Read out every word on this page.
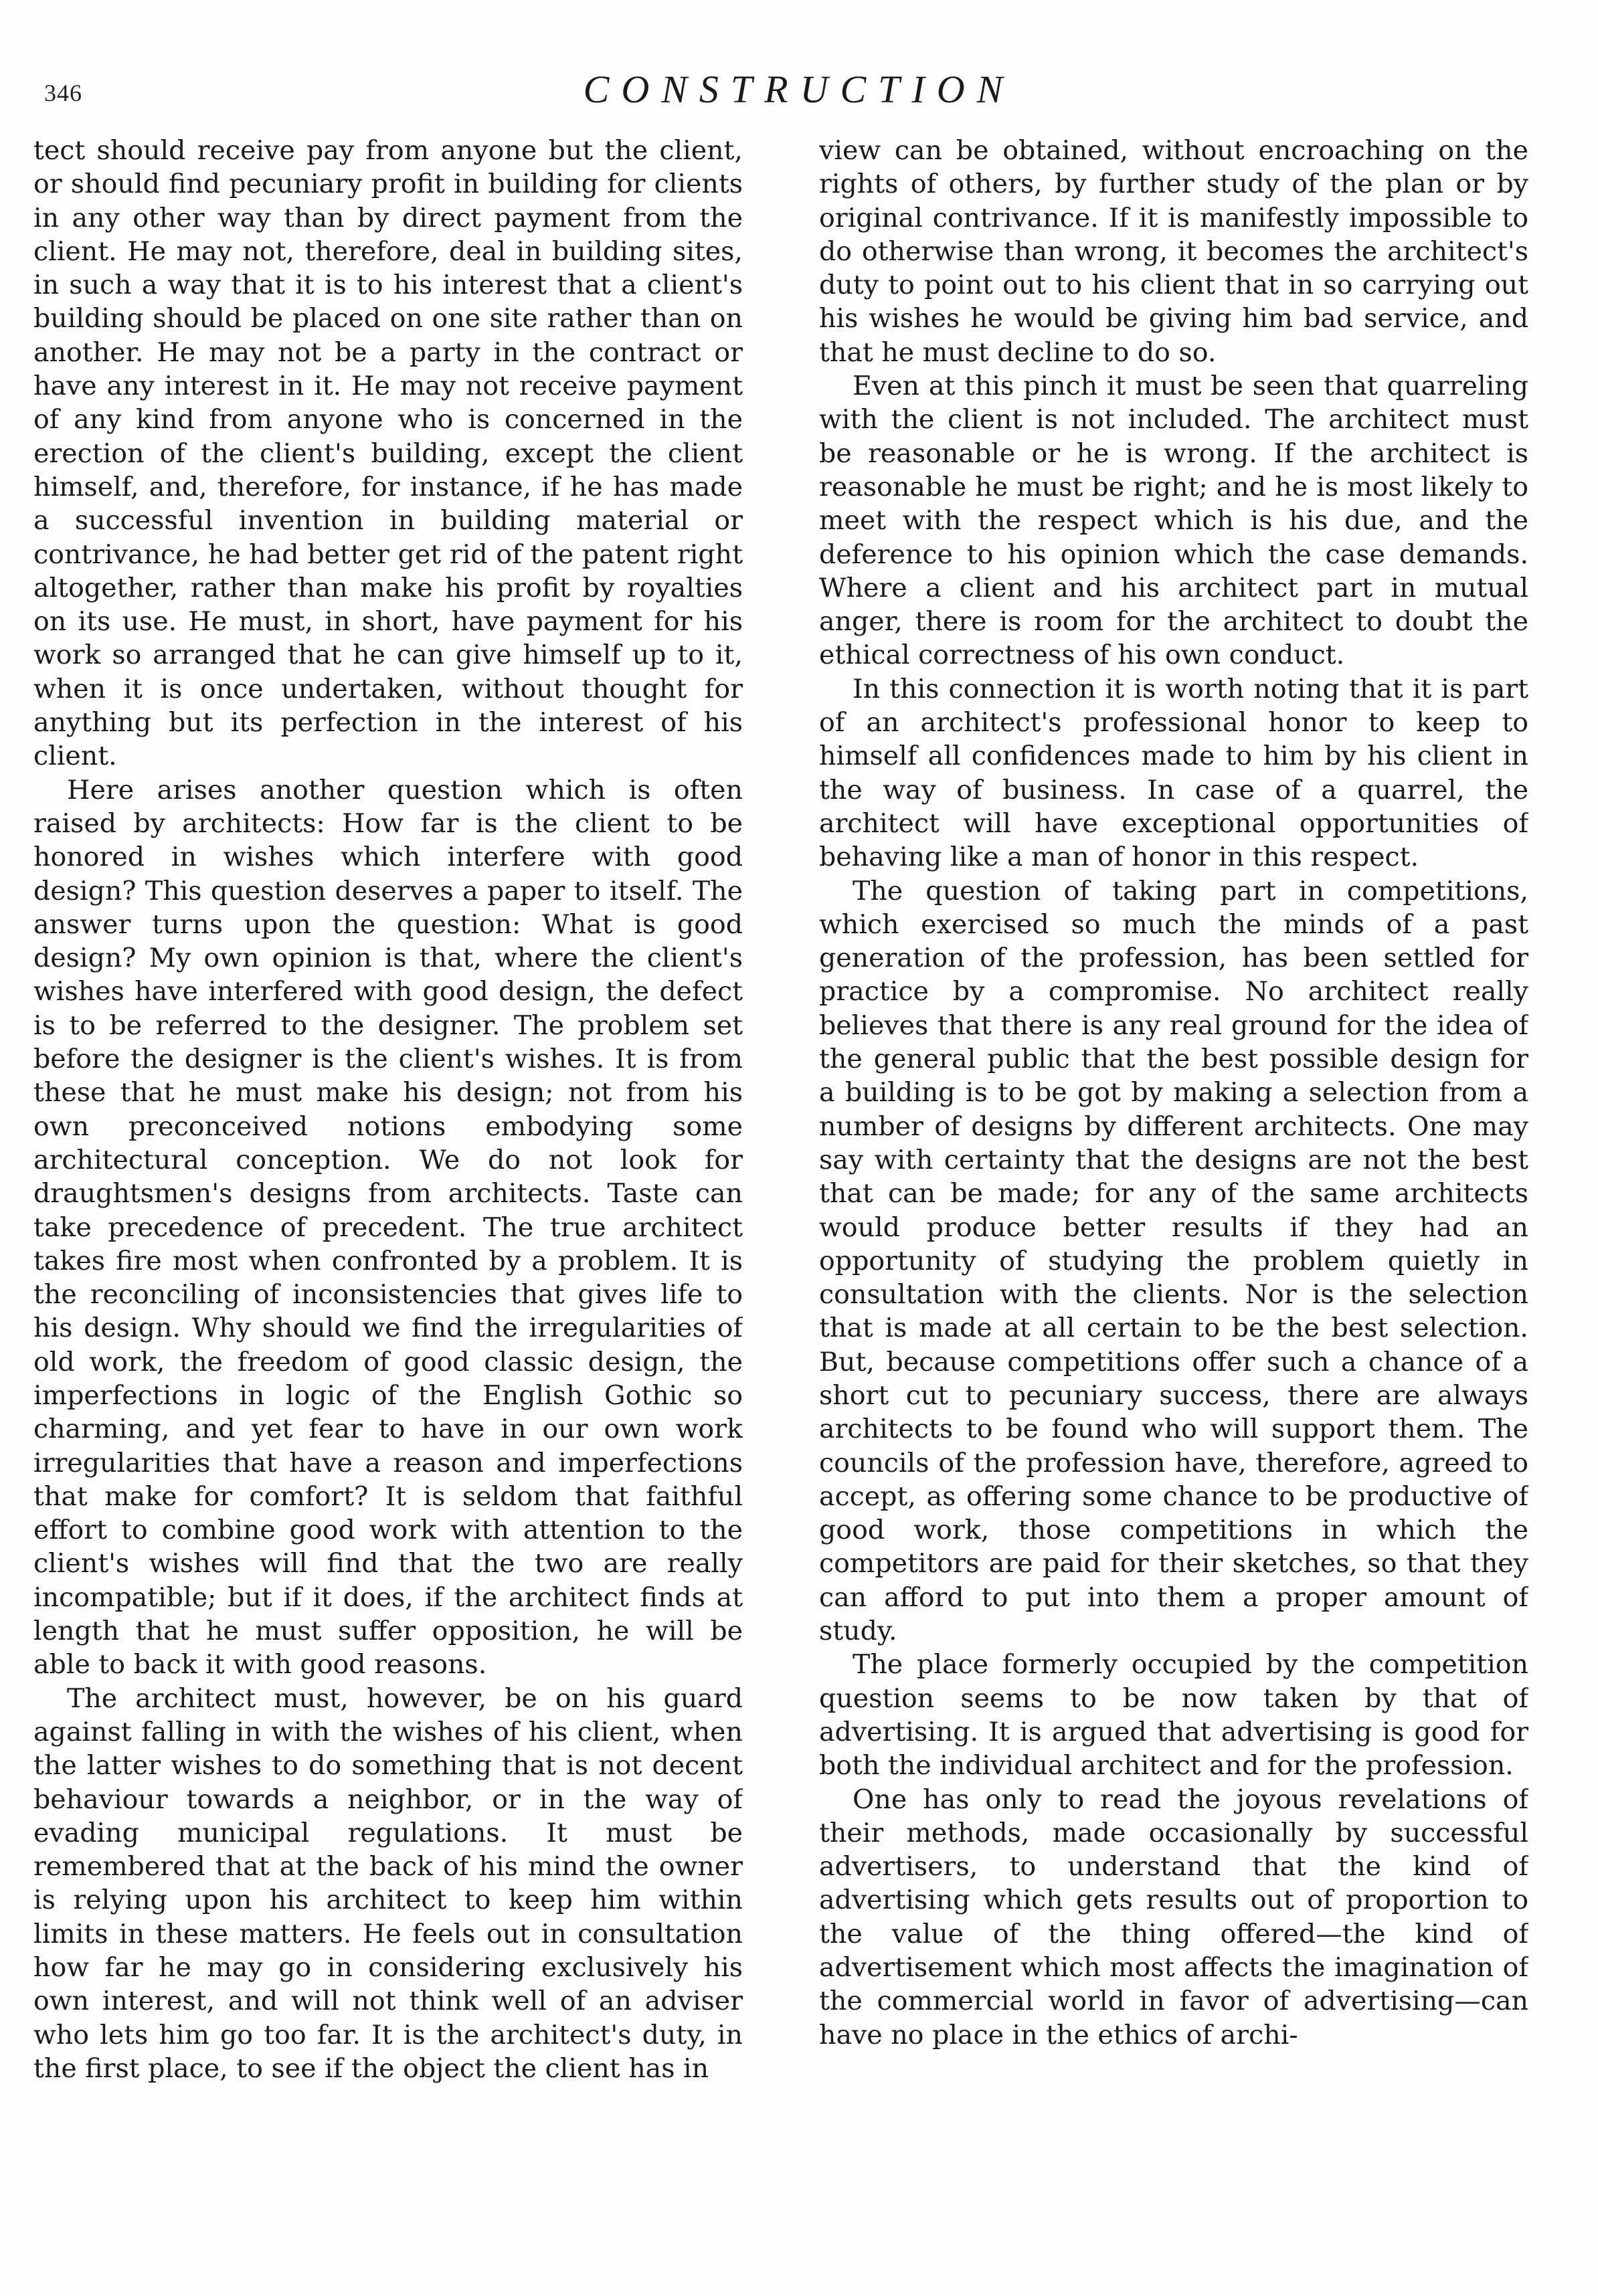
346	CONSTRUCTION

tect should receive pay from anyone but the client, or should find pecuniary profit in building for clients in any other way than by direct payment from the client. He may not, therefore, deal in building sites, in such a way that it is to his interest that a client's building should be placed on one site rather than on another. He may not be a party in the contract or have any interest in it. He may not receive payment of any kind from anyone who is concerned in the erection of the client's building, except the client himself, and, therefore, for instance, if he has made a successful invention in building material or contrivance, he had better get rid of the patent right altogether, rather than make his profit by royalties on its use. He must, in short, have payment for his work so arranged that he can give himself up to it, when it is once undertaken, without thought for anything but its perfection in the interest of his client.

Here arises another question which is often raised by architects: How far is the client to be honored in wishes which interfere with good design? This question deserves a paper to itself. The answer turns upon the question: What is good design? My own opinion is that, where the client's wishes have interfered with good design, the defect is to be referred to the designer. The problem set before the designer is the client's wishes. It is from these that he must make his design; not from his own preconceived notions embodying some architectural conception. We do not look for draughtsmen's designs from architects. Taste can take precedence of precedent. The true architect takes fire most when confronted by a problem. It is the reconciling of inconsistencies that gives life to his design. Why should we find the irregularities of old work, the freedom of good classic design, the imperfections in logic of the English Gothic so charming, and yet fear to have in our own work irregularities that have a reason and imperfections that make for comfort? It is seldom that faithful effort to combine good work with attention to the client's wishes will find that the two are really incompatible; but if it does, if the architect finds at length that he must suffer opposition, he will be able to back it with good reasons.

The architect must, however, be on his guard against falling in with the wishes of his client, when the latter wishes to do something that is not decent behaviour towards a neighbor, or in the way of evading municipal regulations. It must be remembered that at the back of his mind the owner is relying upon his architect to keep him within limits in these matters. He feels out in consultation how far he may go in considering exclusively his own interest, and will not think well of an adviser who lets him go too far. It is the architect's duty, in the first place, to see if the object the client has in

view can be obtained, without encroaching on the rights of others, by further study of the plan or by original contrivance. If it is manifestly impossible to do otherwise than wrong, it becomes the architect's duty to point out to his client that in so carrying out his wishes he would be giving him bad service, and that he must decline to do so.

Even at this pinch it must be seen that quarreling with the client is not included. The architect must be reasonable or he is wrong. If the architect is reasonable he must be right; and he is most likely to meet with the respect which is his due, and the deference to his opinion which the case demands. Where a client and his architect part in mutual anger, there is room for the architect to doubt the ethical correctness of his own conduct.

In this connection it is worth noting that it is part of an architect's professional honor to keep to himself all confidences made to him by his client in the way of business. In case of a quarrel, the architect will have exceptional opportunities of behaving like a man of honor in this respect.

The question of taking part in competitions, which exercised so much the minds of a past generation of the profession, has been settled for practice by a compromise. No architect really believes that there is any real ground for the idea of the general public that the best possible design for a building is to be got by making a selection from a number of designs by different architects. One may say with certainty that the designs are not the best that can be made; for any of the same architects would produce better results if they had an opportunity of studying the problem quietly in consultation with the clients. Nor is the selection that is made at all certain to be the best selection. But, because competitions offer such a chance of a short cut to pecuniary success, there are always architects to be found who will support them. The councils of the profession have, therefore, agreed to accept, as offering some chance to be productive of good work, those competitions in which the competitors are paid for their sketches, so that they can afford to put into them a proper amount of study.

The place formerly occupied by the competition question seems to be now taken by that of advertising. It is argued that advertising is good for both the individual architect and for the profession.

One has only to read the joyous revelations of their methods, made occasionally by successful advertisers, to understand that the kind of advertising which gets results out of proportion to the value of the thing offered—the kind of advertisement which most affects the imagination of the commercial world in favor of advertising—can have no place in the ethics of archi-
